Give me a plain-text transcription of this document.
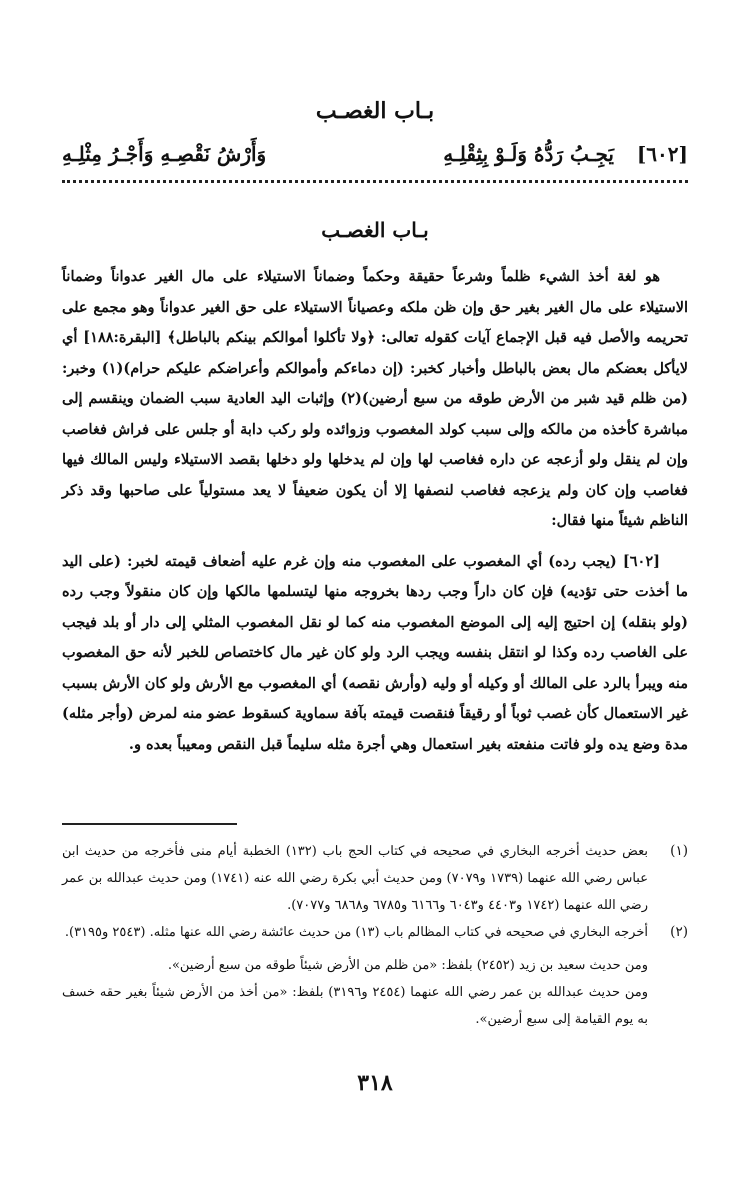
بـاب الغصـب
[٦٠٢]
يَجِـبُ رَدُّهُ وَلَـوْ بِثِقْلِـهِ
وَأَرْشُ نَقْصِـهِ وَأَجْـرُ مِثْلِـهِ
بـاب الغصـب

هو لغة أخذ الشيء ظلماً وشرعاً حقيقة وحكماً وضماناً الاستيلاء على مال الغير عدواناً وضماناً الاستيلاء على مال الغير بغير حق وإن ظن ملكه وعصياناً الاستيلاء على حق الغير عدواناً وهو مجمع على تحريمه والأصل فيه قبل الإجماع آيات كقوله تعالى: ﴿ولا تأكلوا أموالكم بينكم بالباطل﴾ [البقرة:١٨٨] أي لايأكل بعضكم مال بعض بالباطل وأخبار كخبر: (إن دماءكم وأموالكم وأعراضكم عليكم حرام)(١) وخبر: (من ظلم قيد شبر من الأرض طوقه من سبع أرضين)(٢) وإثبات اليد العادية سبب الضمان وينقسم إلى مباشرة كأخذه من مالكه وإلى سبب كولد المغصوب وزوائده ولو ركب دابة أو جلس على فراش فغاصب وإن لم ينقل ولو أزعجه عن داره فغاصب لها وإن لم يدخلها ولو دخلها بقصد الاستيلاء وليس المالك فيها فغاصب وإن كان ولم يزعجه فغاصب لنصفها إلا أن يكون ضعيفاً لا يعد مستولياً على صاحبها وقد ذكر الناظم شيئاً منها فقال:

[٦٠٢] (يجب رده) أي المغصوب على المغصوب منه وإن غرم عليه أضعاف قيمته لخبر: (على اليد ما أخذت حتى تؤديه) فإن كان داراً وجب ردها بخروجه منها ليتسلمها مالكها وإن كان منقولاً وجب رده (ولو بنقله) إن احتيج إليه إلى الموضع المغصوب منه كما لو نقل المغصوب المثلي إلى دار أو بلد فيجب على الغاصب رده وكذا لو انتقل بنفسه ويجب الرد ولو كان غير مال كاختصاص للخبر لأنه حق المغصوب منه ويبرأ بالرد على المالك أو وكيله أو وليه (وأرش نقصه) أي المغصوب مع الأرش ولو كان الأرش بسبب غير الاستعمال كأن غصب ثوباً أو رقيقاً فنقصت قيمته بآفة سماوية كسقوط عضو منه لمرض (وأجر مثله) مدة وضع يده ولو فاتت منفعته بغير استعمال وهي أجرة مثله سليماً قبل النقص ومعيباً بعده و.

(١)

بعض حديث أخرجه البخاري في صحيحه في كتاب الحج باب (١٣٢) الخطبة أيام منى فأخرجه من حديث ابن عباس رضي الله عنهما (١٧٣٩ و٧٠٧٩) ومن حديث أبي بكرة رضي الله عنه (١٧٤١) ومن حديث عبدالله بن عمر رضي الله عنهما (١٧٤٢ و٤٤٠٣ و٦٠٤٣ و٦١٦٦ و٦٧٨٥ و٦٨٦٨ و٧٠٧٧).

(٢)

أخرجه البخاري في صحيحه في كتاب المظالم باب (١٣) من حديث عائشة رضي الله عنها مثله. (٢٥٤٣ و٣١٩٥).

ومن حديث سعيد بن زيد (٢٤٥٢) بلفظ: «من ظلم من الأرض شيئاً طوقه من سبع أرضين».

ومن حديث عبدالله بن عمر رضي الله عنهما (٢٤٥٤ و٣١٩٦) بلفظ: «من أخذ من الأرض شيئاً بغير حقه خسف به يوم القيامة إلى سبع أرضين».

٣١٨
